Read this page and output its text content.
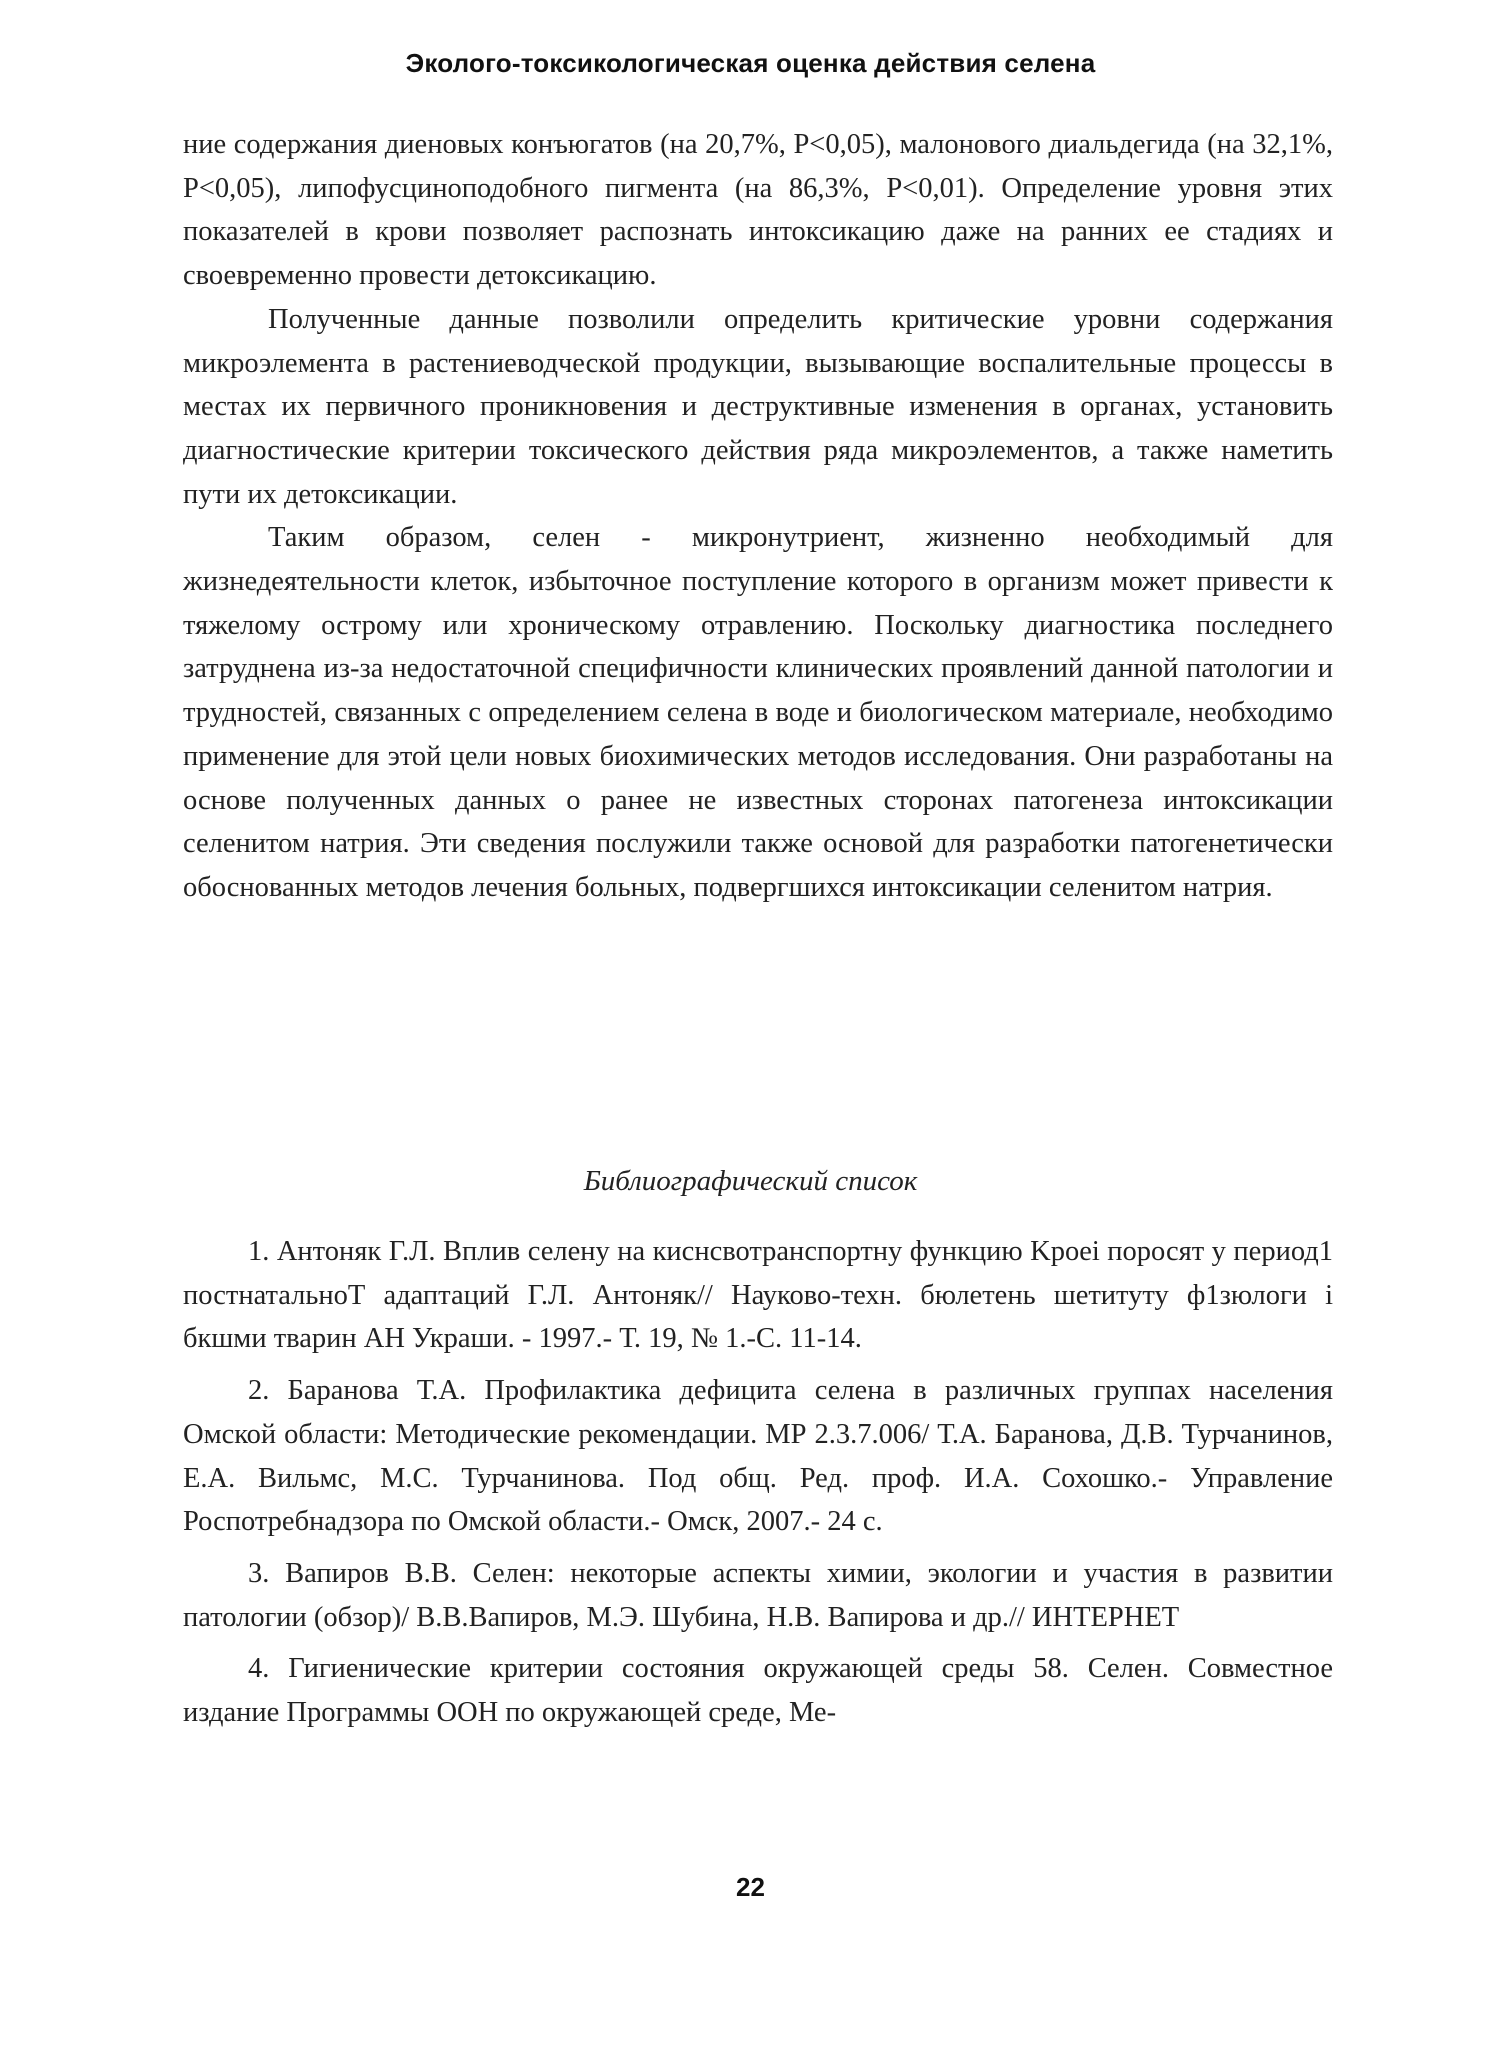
Эколого-токсикологическая оценка действия селена

ние содержания диеновых конъюгатов (на 20,7%, P<0,05), малонового диальдегида (на 32,1%, P<0,05), липофусциноподобного пигмента (на 86,3%, P<0,01). Определение уровня этих показателей в крови позволяет распознать интоксикацию даже на ранних ее стадиях и своевременно провести детоксикацию.

Полученные данные позволили определить критические уровни содержания микроэлемента в растениеводческой продукции, вызывающие воспалительные процессы в местах их первичного проникновения и деструктивные изменения в органах, установить диагностические критерии токсического действия ряда микроэлементов, а также наметить пути их детоксикации.

Таким образом, селен - микронутриент, жизненно необходимый для жизнедеятельности клеток, избыточное поступление которого в организм может привести к тяжелому острому или хроническому отравлению. Поскольку диагностика последнего затруднена из-за недостаточной специфичности клинических проявлений данной патологии и трудностей, связанных с определением селена в воде и биологическом материале, необходимо применение для этой цели новых биохимических методов исследования. Они разработаны на основе полученных данных о ранее не известных сторонах патогенеза интоксикации селенитом натрия. Эти сведения послужили также основой для разработки патогенетически обоснованных методов лечения больных, подвергшихся интоксикации селенитом натрия.

Библиографический список

1. Антоняк Г.Л. Вплив селену на киснсвотранспортну функцию Kpoei поросят у период1 постнатальноТ адаптаций Г.Л. Антоняк// Науково-техн. бюлетень шетитуту ф1зюлоги i бкшми тварин АН Украши. - 1997.- Т. 19, № 1.-С. 11-14.

2. Баранова Т.А. Профилактика дефицита селена в различных группах населения Омской области: Методические рекомендации. МР 2.3.7.006/ Т.А. Баранова, Д.В. Турчанинов, Е.А. Вильмс, М.С. Турчанинова. Под общ. Ред. проф. И.А. Сохошко.- Управление Роспотребнадзора по Омской области.- Омск, 2007.- 24 с.

3. Вапиров В.В. Селен: некоторые аспекты химии, экологии и участия в развитии патологии (обзор)/ В.В.Вапиров, М.Э. Шубина, Н.В. Вапирова и др.// ИНТЕРНЕТ

4. Гигиенические критерии состояния окружающей среды 58. Селен. Совместное издание Программы ООН по окружающей среде, Ме-

22
